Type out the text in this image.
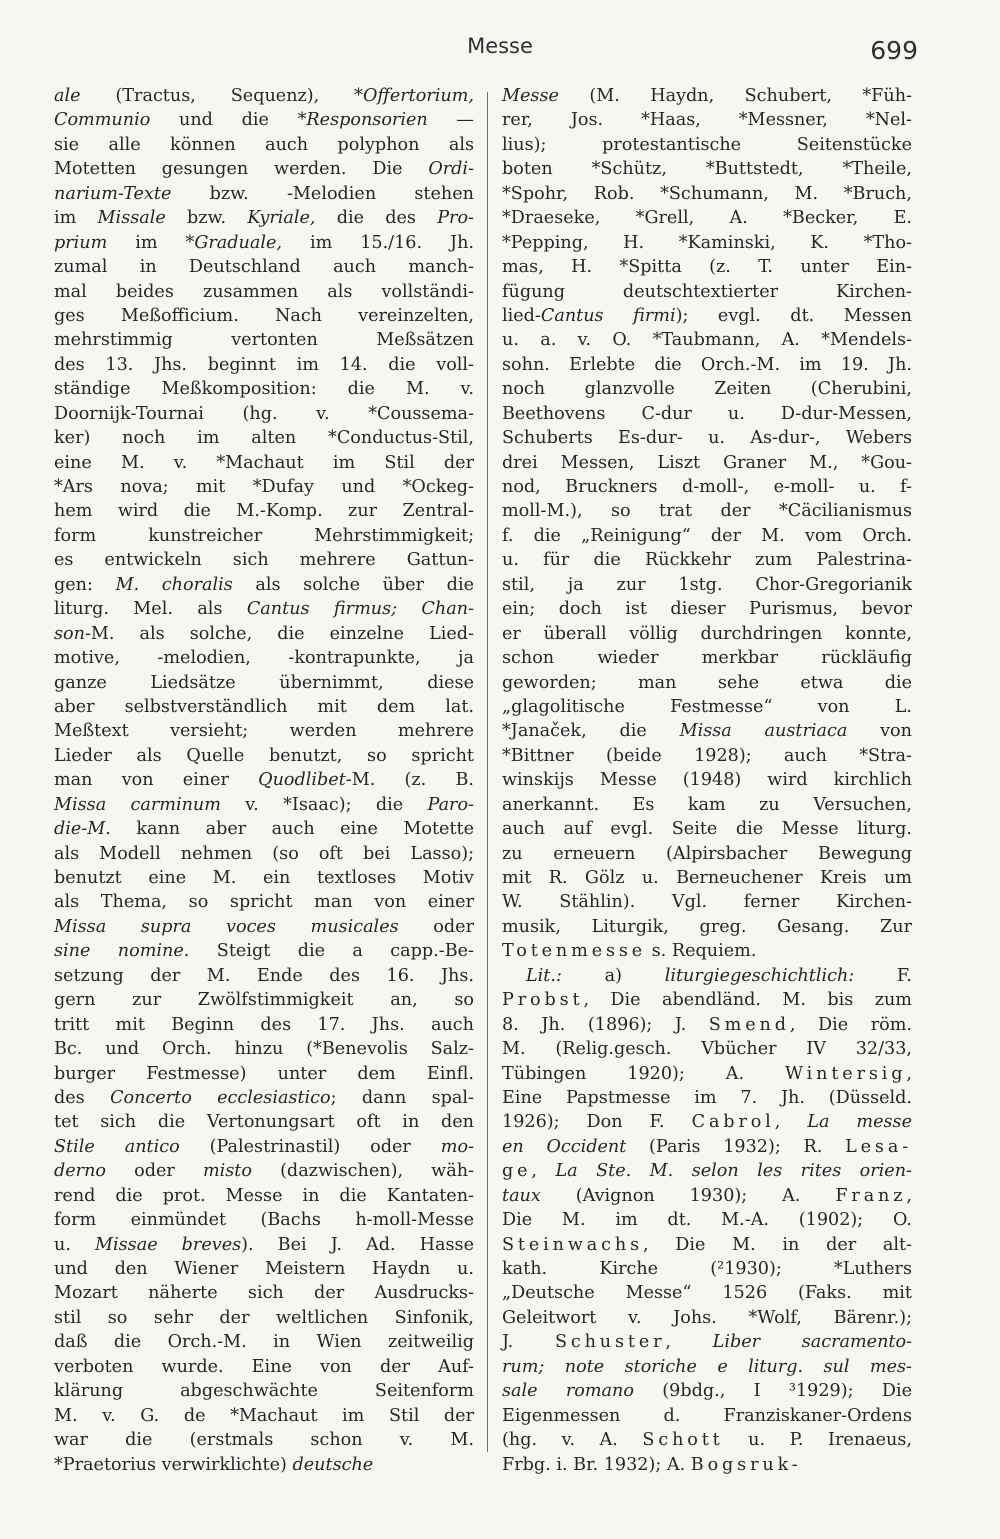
Messe	699
ale (Tractus, Sequenz), *Offertorium,
Communio und die *Responsorien —
sie alle können auch polyphon als
Motetten gesungen werden. Die Ordi-
narium-Texte bzw. -Melodien stehen
im Missale bzw. Kyriale, die des Pro-
prium im *Graduale, im 15./16. Jh.
zumal in Deutschland auch manch-
mal beides zusammen als vollständi-
ges Meßofficium. Nach vereinzelten,
mehrstimmig vertonten Meßsätzen
des 13. Jhs. beginnt im 14. die voll-
ständige Meßkomposition: die M. v.
Doornijk-Tournai (hg. v. *Coussema-
ker) noch im alten *Conductus-Stil,
eine M. v. *Machaut im Stil der
*Ars nova; mit *Dufay und *Ockeg-
hem wird die M.-Komp. zur Zentral-
form kunstreicher Mehrstimmigkeit;
es entwickeln sich mehrere Gattun-
gen: M. choralis als solche über die
liturg. Mel. als Cantus firmus; Chan-
son-M. als solche, die einzelne Lied-
motive, -melodien, -kontrapunkte, ja
ganze Liedsätze übernimmt, diese
aber selbstverständlich mit dem lat.
Meßtext versieht; werden mehrere
Lieder als Quelle benutzt, so spricht
man von einer Quodlibet-M. (z. B.
Missa carminum v. *Isaac); die Paro-
die-M. kann aber auch eine Motette
als Modell nehmen (so oft bei Lasso);
benutzt eine M. ein textloses Motiv
als Thema, so spricht man von einer
Missa supra voces musicales oder
sine nomine. Steigt die a capp.-Be-
setzung der M. Ende des 16. Jhs.
gern zur Zwölfstimmigkeit an, so
tritt mit Beginn des 17. Jhs. auch
Bc. und Orch. hinzu (*Benevolis Salz-
burger Festmesse) unter dem Einfl.
des Concerto ecclesiastico; dann spal-
tet sich die Vertonungsart oft in den
Stile antico (Palestrinastil) oder mo-
derno oder misto (dazwischen), wäh-
rend die prot. Messe in die Kantaten-
form einmündet (Bachs h-moll-Messe
u. Missae breves). Bei J. Ad. Hasse
und den Wiener Meistern Haydn u.
Mozart näherte sich der Ausdrucks-
stil so sehr der weltlichen Sinfonik,
daß die Orch.-M. in Wien zeitweilig
verboten wurde. Eine von der Auf-
klärung abgeschwächte Seitenform
M. v. G. de *Machaut im Stil der
war die (erstmals schon v. M.
*Praetorius verwirklichte) deutsche
Messe (M. Haydn, Schubert, *Füh-
rer, Jos. *Haas, *Messner, *Nel-
lius); protestantische Seitenstücke
boten *Schütz, *Buttstedt, *Theile,
*Spohr, Rob. *Schumann, M. *Bruch,
*Draeseke, *Grell, A. *Becker, E.
*Pepping, H. *Kaminski, K. *Tho-
mas, H. *Spitta (z. T. unter Ein-
fügung deutschtextierter Kirchen-
lied-Cantus firmi); evgl. dt. Messen
u. a. v. O. *Taubmann, A. *Mendels-
sohn. Erlebte die Orch.-M. im 19. Jh.
noch glanzvolle Zeiten (Cherubini,
Beethovens C-dur u. D-dur-Messen,
Schuberts Es-dur- u. As-dur-, Webers
drei Messen, Liszt Graner M., *Gou-
nod, Bruckners d-moll-, e-moll- u. f-
moll-M.), so trat der *Cäcilianismus
f. die „Reinigung“ der M. vom Orch.
u. für die Rückkehr zum Palestrina-
stil, ja zur 1stg. Chor-Gregorianik
ein; doch ist dieser Purismus, bevor
er überall völlig durchdringen konnte,
schon wieder merkbar rückläufig
geworden; man sehe etwa die
„glagolitische Festmesse“ von L.
*Janaček, die Missa austriaca von
*Bittner (beide 1928); auch *Stra-
winskijs Messe (1948) wird kirchlich
anerkannt. Es kam zu Versuchen,
auch auf evgl. Seite die Messe liturg.
zu erneuern (Alpirsbacher Bewegung
mit R. Gölz u. Berneuchener Kreis um
W. Stählin). Vgl. ferner Kirchen-
musik, Liturgik, greg. Gesang. Zur
Totenmesse s. Requiem.
Lit.: a) liturgiegeschichtlich: F.
Probst, Die abendländ. M. bis zum
8. Jh. (1896); J. Smend, Die röm.
M. (Relig.gesch. Vbücher IV 32/33,
Tübingen 1920); A. Wintersig,
Eine Papstmesse im 7. Jh. (Düsseld.
1926); Don F. Cabrol, La messe
en Occident (Paris 1932); R. Lesa-
ge, La Ste. M. selon les rites orien-
taux (Avignon 1930); A. Franz,
Die M. im dt. M.-A. (1902); O.
Steinwachs, Die M. in der alt-
kath. Kirche (²1930); *Luthers
„Deutsche Messe“ 1526 (Faks. mit
Geleitwort v. Johs. *Wolf, Bärenr.);
J. Schuster, Liber sacramento-
rum; note storiche e liturg. sul mes-
sale romano (9bdg., I ³1929); Die
Eigenmessen d. Franziskaner-Ordens
(hg. v. A. Schott u. P. Irenaeus,
Frbg. i. Br. 1932); A. Bogsruk-
